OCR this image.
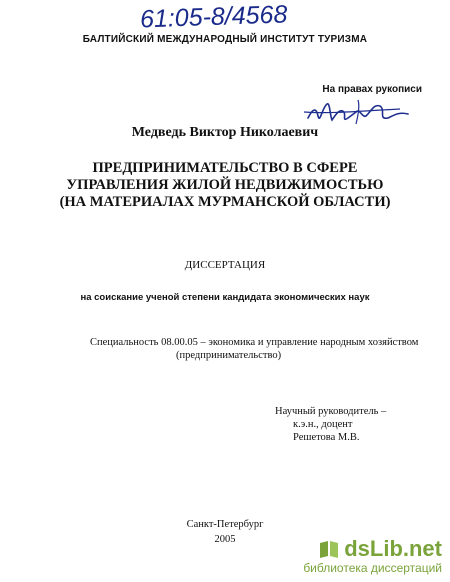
61:05-8/4568
БАЛТИЙСКИЙ МЕЖДУНАРОДНЫЙ ИНСТИТУТ ТУРИЗМА
На правах рукописи
Медведь Виктор Николаевич
ПРЕДПРИНИМАТЕЛЬСТВО В СФЕРЕ
УПРАВЛЕНИЯ ЖИЛОЙ НЕДВИЖИМОСТЬЮ
(НА МАТЕРИАЛАХ МУРМАНСКОЙ ОБЛАСТИ)
ДИССЕРТАЦИЯ
на соискание ученой степени кандидата экономических наук
Специальность 08.00.05 – экономика и управление народным хозяйством
(предпринимательство)
Научный руководитель –
к.э.н., доцент
Решетова М.В.
Санкт-Петербург
2005	dsLib.net
библиотека диссертаций
